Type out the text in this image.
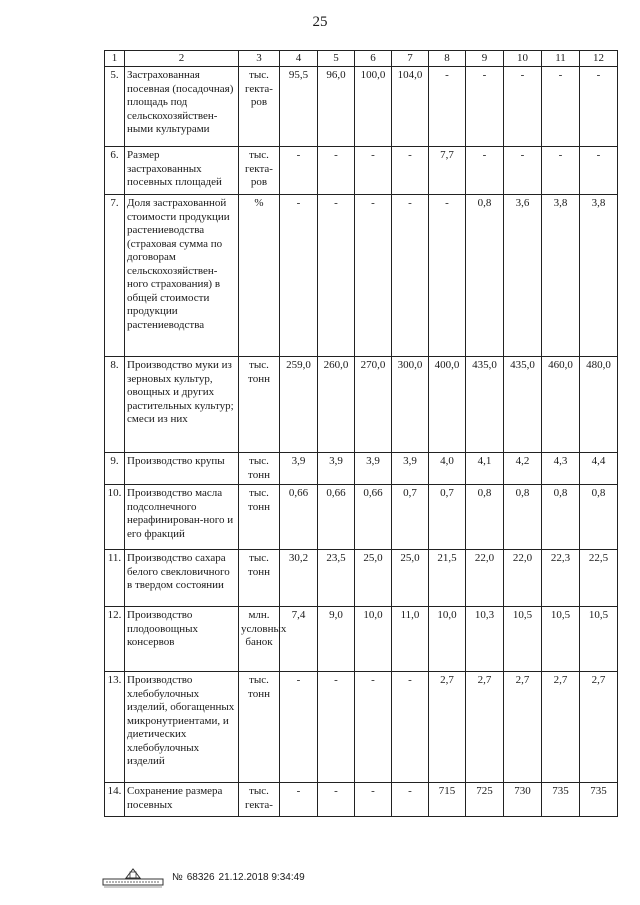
25
1	2	3	4	5	6	7	8	9	10	11	12
5.	Застрахованная посевная (посадочная) площадь под сельскохозяйствен-ными культурами	тыс. гекта-ров	95,5	96,0	100,0	104,0	-	-	-	-	-
6.	Размер застрахованных посевных площадей	тыс. гекта-ров	-	-	-	-	7,7	-	-	-	-
7.	Доля застрахованной стоимости продукции растениеводства (страховая сумма по договорам сельскохозяйствен-ного страхования) в общей стоимости продукции растениеводства	%	-	-	-	-	-	0,8	3,6	3,8	3,8
8.	Производство муки из зерновых культур, овощных и других растительных культур; смеси из них	тыс. тонн	259,0	260,0	270,0	300,0	400,0	435,0	435,0	460,0	480,0
9.	Производство крупы	тыс. тонн	3,9	3,9	3,9	3,9	4,0	4,1	4,2	4,3	4,4
10.	Производство масла подсолнечного нерафинирован-ного и его фракций	тыс. тонн	0,66	0,66	0,66	0,7	0,7	0,8	0,8	0,8	0,8
11.	Производство сахара белого свекловичного в твердом состоянии	тыс. тонн	30,2	23,5	25,0	25,0	21,5	22,0	22,0	22,3	22,5
12.	Производство плодоовощных консервов	млн. условных банок	7,4	9,0	10,0	11,0	10,0	10,3	10,5	10,5	10,5
13.	Производство хлебобулочных изделий, обогащенных микронутриентами, и диетических хлебобулочных изделий	тыс. тонн	-	-	-	-	2,7	2,7	2,7	2,7	2,7
14.	Сохранение размера посевных	тыс. гекта-	-	-	-	-	715	725	730	735	735
№ 68326 21.12.2018 9:34:49
